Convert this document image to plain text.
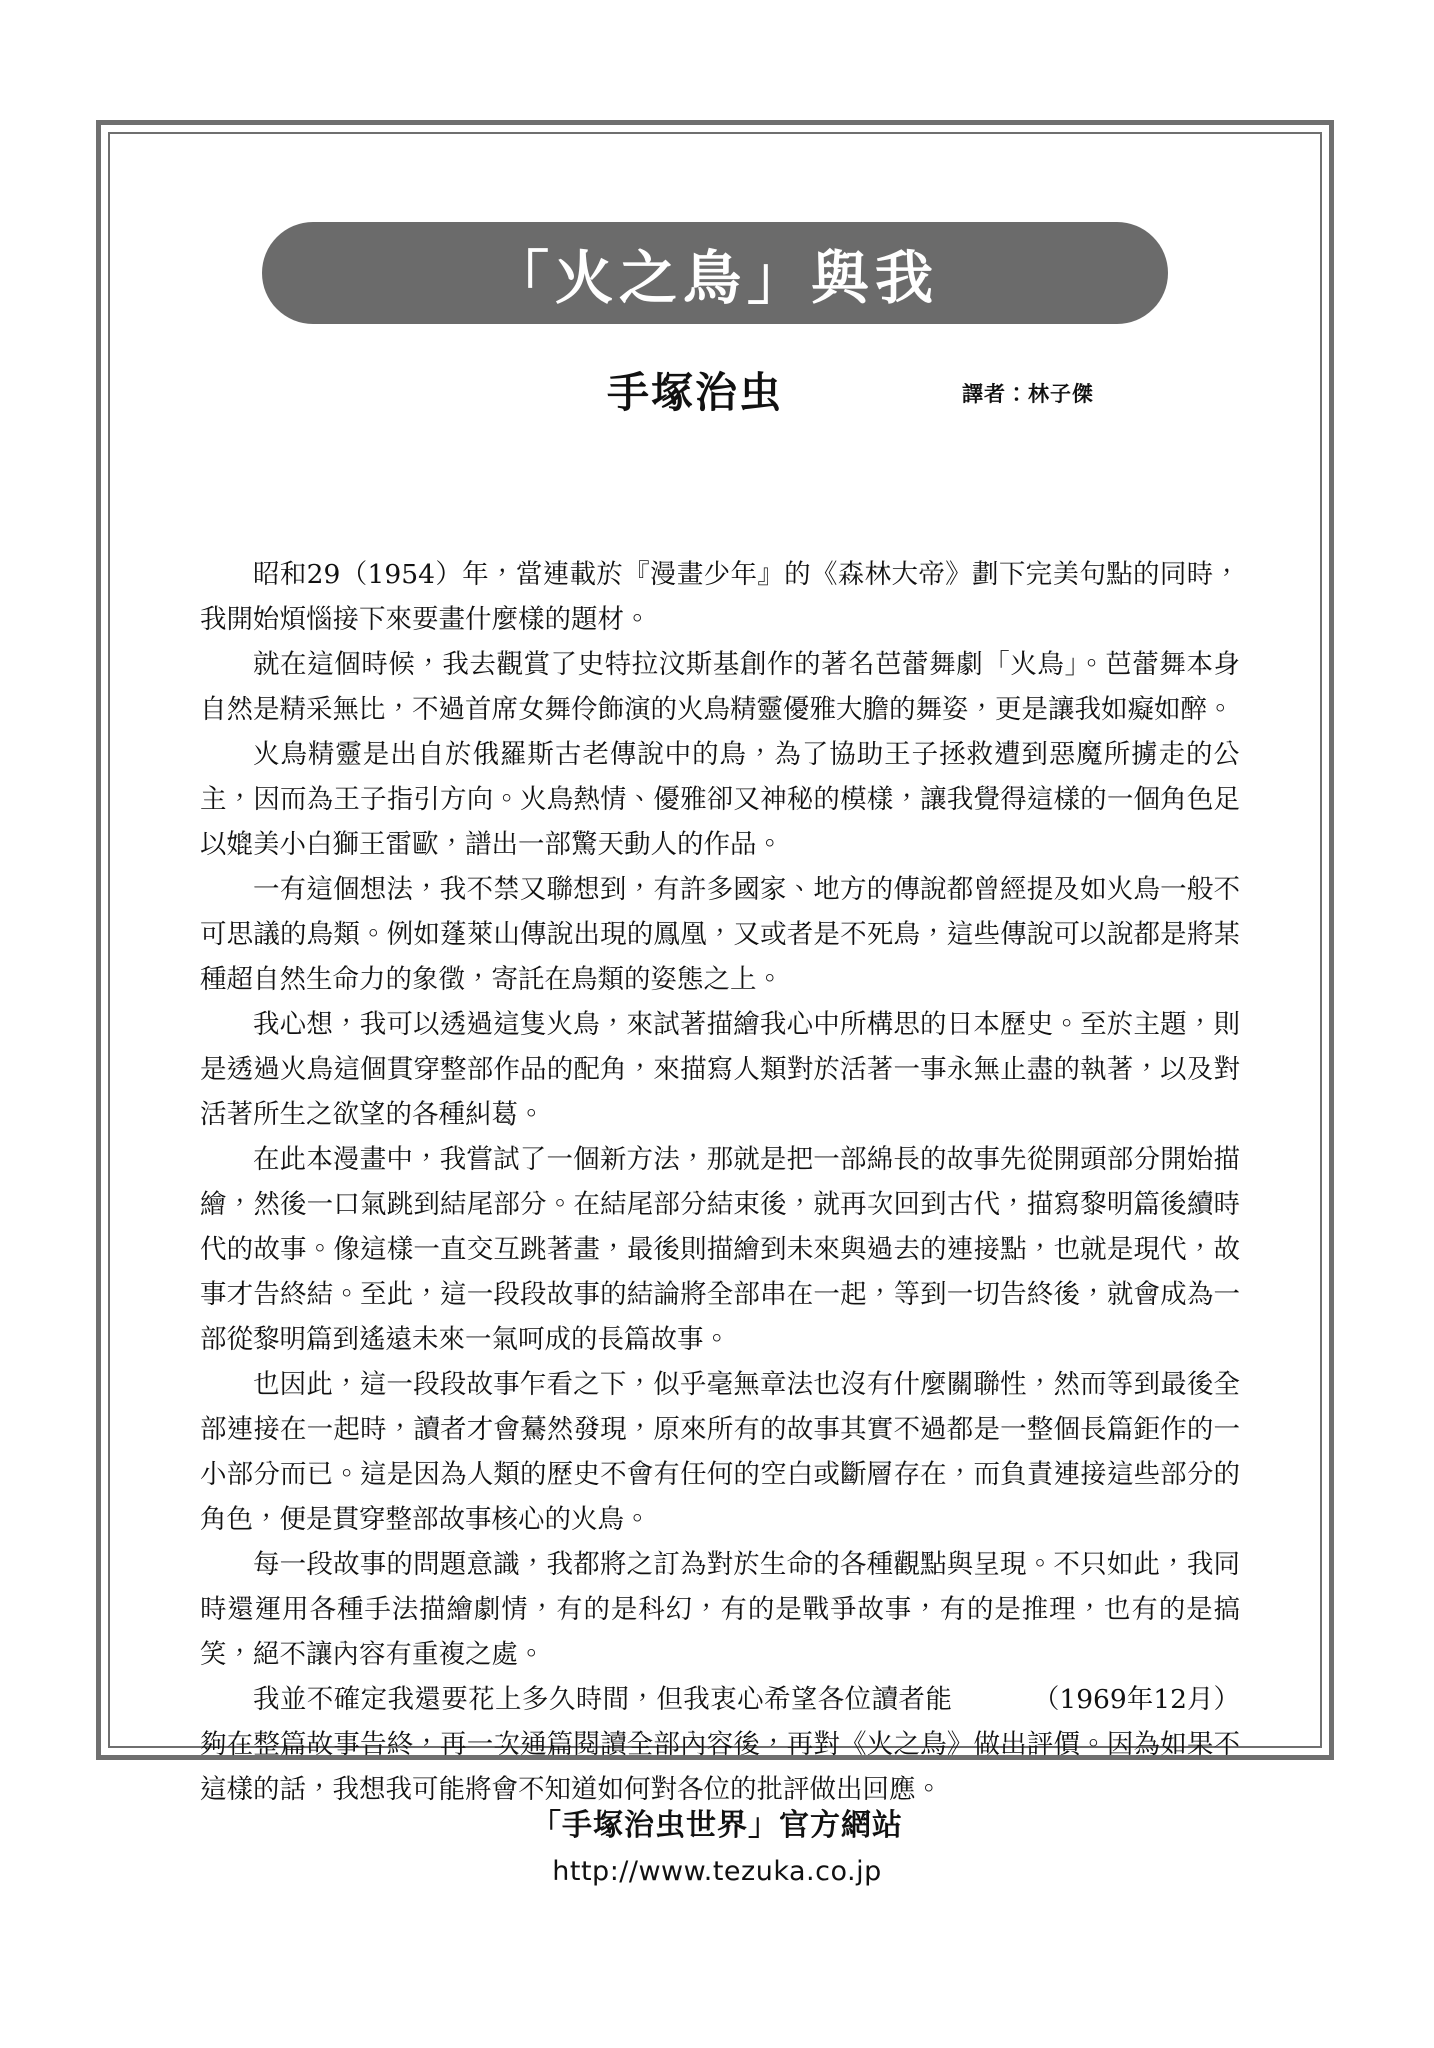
「火之鳥」與我
手塚治虫	譯者：林子傑

昭和29（1954）年，當連載於『漫畫少年』的《森林大帝》劃下完美句點的同時，我開始煩惱接下來要畫什麼樣的題材。

就在這個時候，我去觀賞了史特拉汶斯基創作的著名芭蕾舞劇「火鳥」。芭蕾舞本身自然是精采無比，不過首席女舞伶飾演的火鳥精靈優雅大膽的舞姿，更是讓我如癡如醉。

火鳥精靈是出自於俄羅斯古老傳說中的鳥，為了協助王子拯救遭到惡魔所擄走的公主，因而為王子指引方向。火鳥熱情、優雅卻又神秘的模樣，讓我覺得這樣的一個角色足以媲美小白獅王雷歐，譜出一部驚天動人的作品。

一有這個想法，我不禁又聯想到，有許多國家、地方的傳說都曾經提及如火鳥一般不可思議的鳥類。例如蓬萊山傳說出現的鳳凰，又或者是不死鳥，這些傳說可以說都是將某種超自然生命力的象徵，寄託在鳥類的姿態之上。

我心想，我可以透過這隻火鳥，來試著描繪我心中所構思的日本歷史。至於主題，則是透過火鳥這個貫穿整部作品的配角，來描寫人類對於活著一事永無止盡的執著，以及對活著所生之欲望的各種糾葛。

在此本漫畫中，我嘗試了一個新方法，那就是把一部綿長的故事先從開頭部分開始描繪，然後一口氣跳到結尾部分。在結尾部分結束後，就再次回到古代，描寫黎明篇後續時代的故事。像這樣一直交互跳著畫，最後則描繪到未來與過去的連接點，也就是現代，故事才告終結。至此，這一段段故事的結論將全部串在一起，等到一切告終後，就會成為一部從黎明篇到遙遠未來一氣呵成的長篇故事。

也因此，這一段段故事乍看之下，似乎毫無章法也沒有什麼關聯性，然而等到最後全部連接在一起時，讀者才會驀然發現，原來所有的故事其實不過都是一整個長篇鉅作的一小部分而已。這是因為人類的歷史不會有任何的空白或斷層存在，而負責連接這些部分的角色，便是貫穿整部故事核心的火鳥。

每一段故事的問題意識，我都將之訂為對於生命的各種觀點與呈現。不只如此，我同時還運用各種手法描繪劇情，有的是科幻，有的是戰爭故事，有的是推理，也有的是搞笑，絕不讓內容有重複之處。

（1969年12月）
我並不確定我還要花上多久時間，但我衷心希望各位讀者能夠在整篇故事告終，再一次通篇閱讀全部內容後，再對《火之鳥》做出評價。因為如果不這樣的話，我想我可能將會不知道如何對各位的批評做出回應。

「手塚治虫世界」官方網站
http://www.tezuka.co.jp
